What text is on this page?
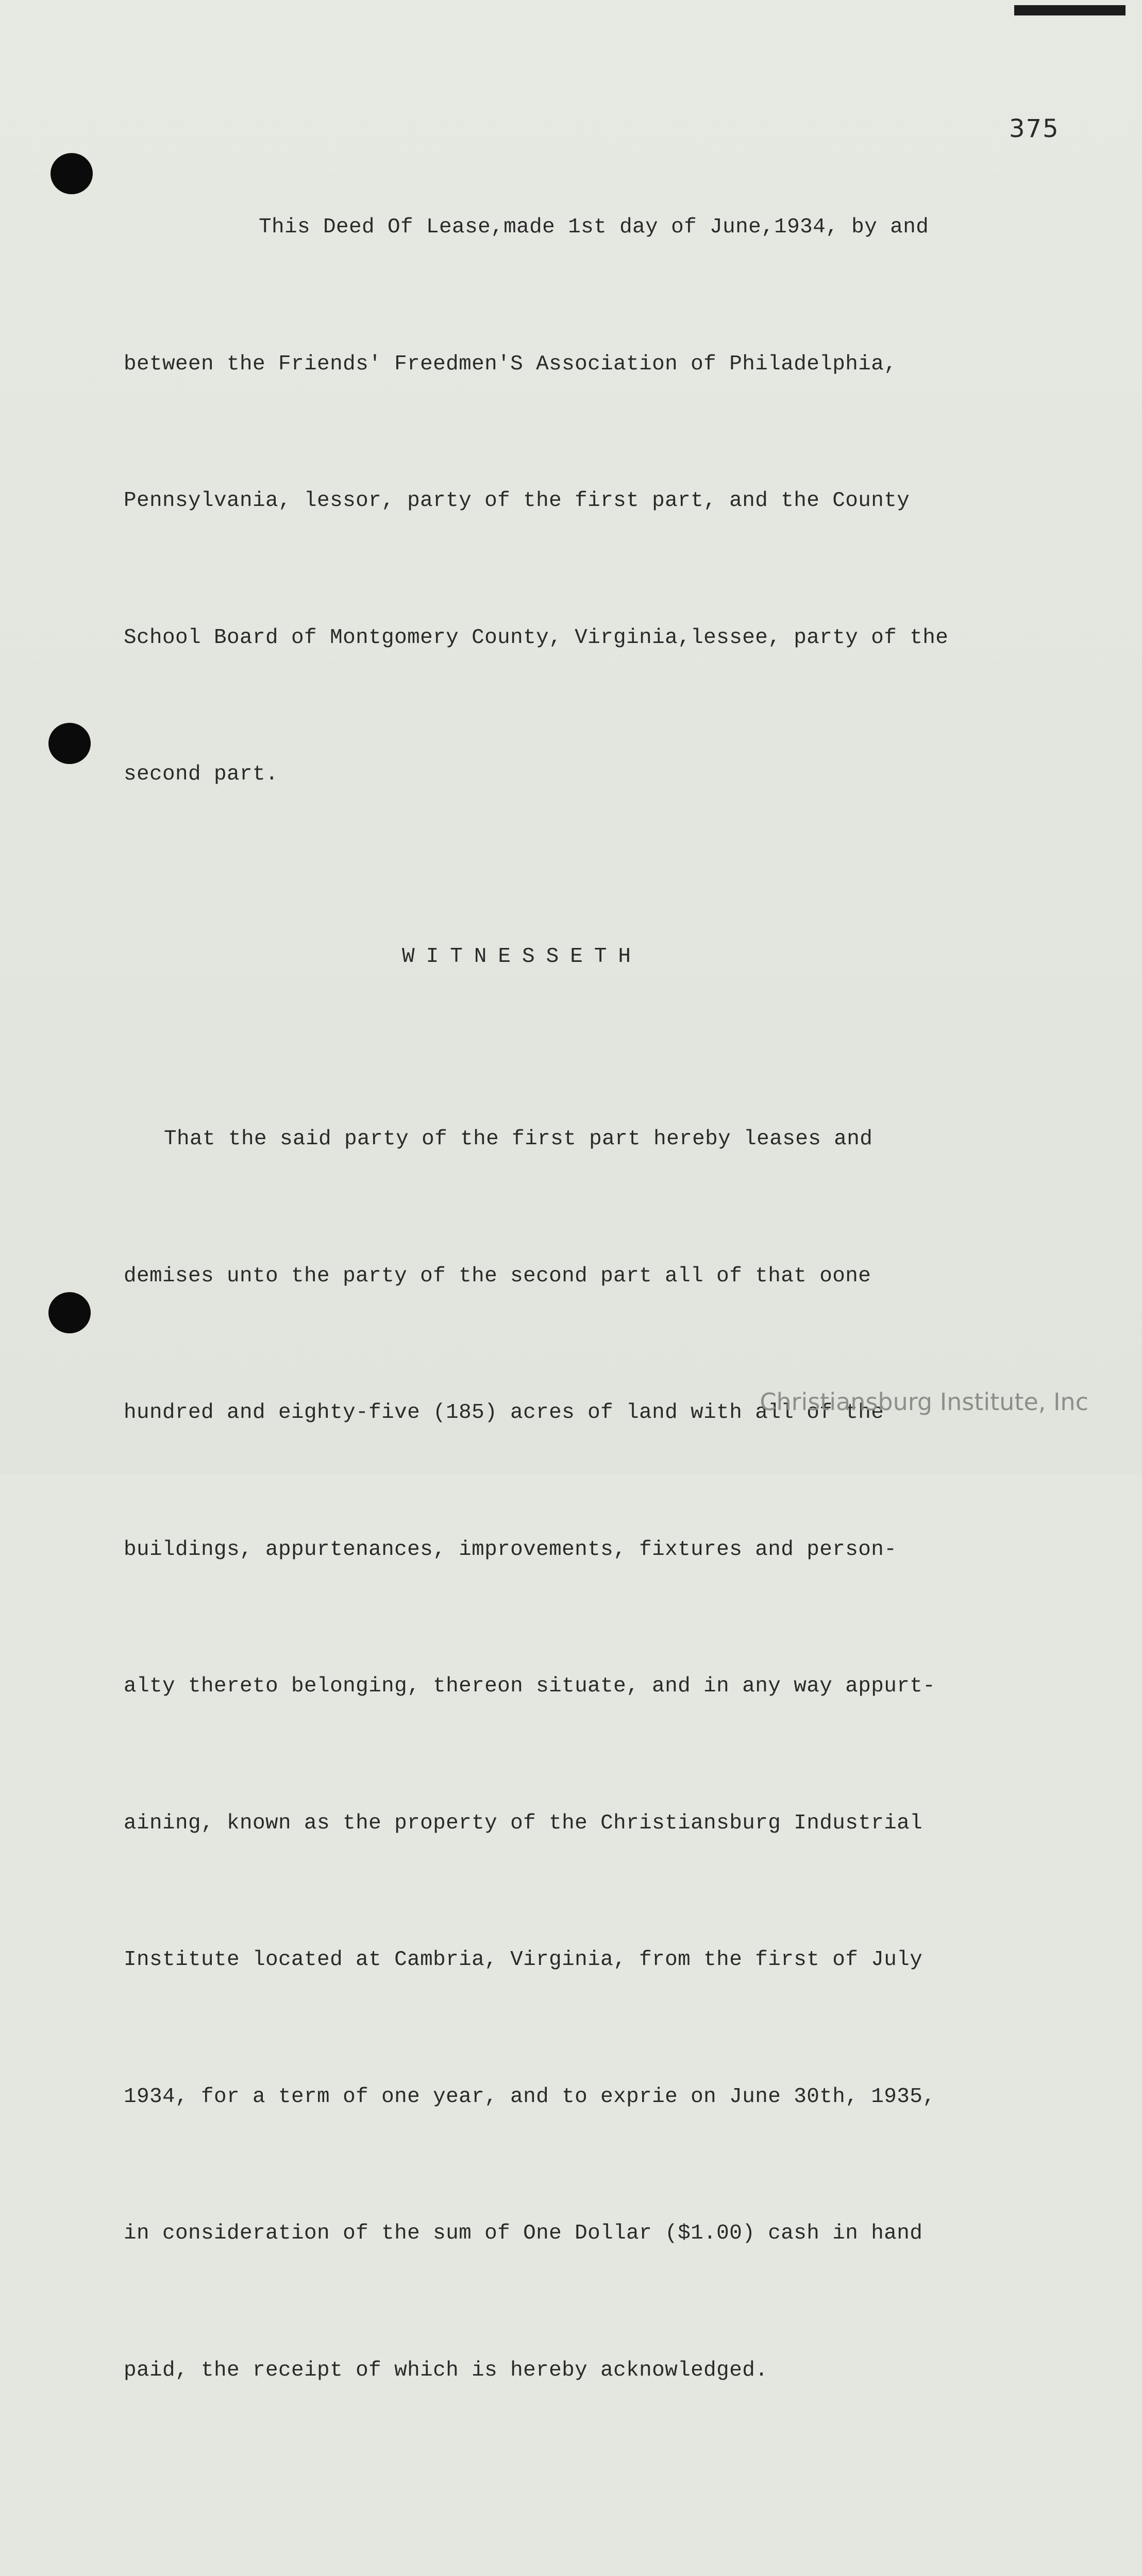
375

This Deed Of Lease,made 1st day of June,1934, by and

between the Friends' Freedmen'S Association of Philadelphia,

Pennsylvania, lessor, party of the first part, and the County

School Board of Montgomery County, Virginia,lessee, party of the

second part.

WITNESSETH

That the said party of the first part hereby leases and

demises unto the party of the second part all of that oone

hundred and eighty-five (185) acres of land with all of the

buildings, appurtenances, improvements, fixtures and person-

alty thereto belonging, thereon situate, and in any way appurt-

aining, known as the property of the Christiansburg Industrial

Institute located at Cambria, Virginia, from the first of July

1934, for a term of one year, and to exprie on June 30th, 1935,

in consideration of the sum of One Dollar ($1.00) cash in hand

paid, the receipt of which is hereby acknowledged.

Christiansburg Institute, Inc
